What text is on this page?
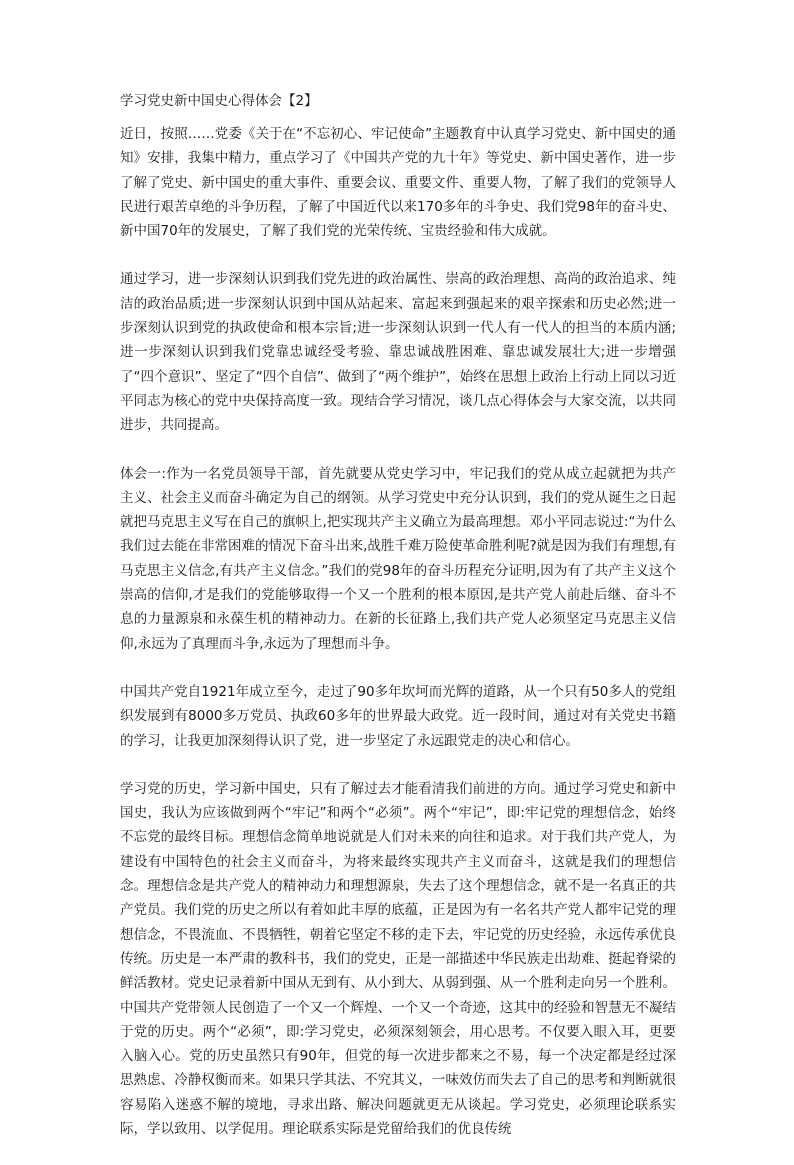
学习党史新中国史心得体会【2】

近日，按照……党委《关于在“不忘初心、牢记使命”主题教育中认真学习党史、新中国史的通知》安排，我集中精力，重点学习了《中国共产党的九十年》等党史、新中国史著作，进一步了解了党史、新中国史的重大事件、重要会议、重要文件、重要人物，了解了我们的党领导人民进行艰苦卓绝的斗争历程，了解了中国近代以来170多年的斗争史、我们党98年的奋斗史、新中国70年的发展史，了解了我们党的光荣传统、宝贵经验和伟大成就。

通过学习，进一步深刻认识到我们党先进的政治属性、崇高的政治理想、高尚的政治追求、纯洁的政治品质;进一步深刻认识到中国从站起来、富起来到强起来的艰辛探索和历史必然;进一步深刻认识到党的执政使命和根本宗旨;进一步深刻认识到一代人有一代人的担当的本质内涵;进一步深刻认识到我们党靠忠诚经受考验、靠忠诚战胜困难、靠忠诚发展壮大;进一步增强了“四个意识”、坚定了“四个自信”、做到了“两个维护”，始终在思想上政治上行动上同以习近平同志为核心的党中央保持高度一致。现结合学习情况，谈几点心得体会与大家交流，以共同进步，共同提高。

体会一:作为一名党员领导干部，首先就要从党史学习中，牢记我们的党从成立起就把为共产主义、社会主义而奋斗确定为自己的纲领。从学习党史中充分认识到，我们的党从诞生之日起就把马克思主义写在自己的旗帜上,把实现共产主义确立为最高理想。邓小平同志说过:“为什么我们过去能在非常困难的情况下奋斗出来,战胜千难万险使革命胜利呢?就是因为我们有理想,有马克思主义信念,有共产主义信念。”我们的党98年的奋斗历程充分证明,因为有了共产主义这个崇高的信仰,才是我们的党能够取得一个又一个胜利的根本原因,是共产党人前赴后继、奋斗不息的力量源泉和永葆生机的精神动力。在新的长征路上,我们共产党人必须坚定马克思主义信仰,永远为了真理而斗争,永远为了理想而斗争。

中国共产党自1921年成立至今，走过了90多年坎坷而光辉的道路，从一个只有50多人的党组织发展到有8000多万党员、执政60多年的世界最大政党。近一段时间，通过对有关党史书籍的学习，让我更加深刻得认识了党，进一步坚定了永远跟党走的决心和信心。

学习党的历史，学习新中国史，只有了解过去才能看清我们前进的方向。通过学习党史和新中国史，我认为应该做到两个“牢记”和两个“必须”。两个“牢记”，即:牢记党的理想信念，始终不忘党的最终目标。理想信念简单地说就是人们对未来的向往和追求。对于我们共产党人，为建设有中国特色的社会主义而奋斗，为将来最终实现共产主义而奋斗，这就是我们的理想信念。理想信念是共产党人的精神动力和理想源泉，失去了这个理想信念，就不是一名真正的共产党员。我们党的历史之所以有着如此丰厚的底蕴，正是因为有一名名共产党人都牢记党的理想信念，不畏流血、不畏牺牲，朝着它坚定不移的走下去，牢记党的历史经验，永远传承优良传统。历史是一本严肃的教科书，我们的党史，正是一部描述中华民族走出劫难、挺起脊梁的鲜活教材。党史记录着新中国从无到有、从小到大、从弱到强、从一个胜利走向另一个胜利。中国共产党带领人民创造了一个又一个辉煌、一个又一个奇迹，这其中的经验和智慧无不凝结于党的历史。两个“必须”，即:学习党史，必须深刻领会，用心思考。不仅要入眼入耳，更要入脑入心。党的历史虽然只有90年，但党的每一次进步都来之不易，每一个决定都是经过深思熟虑、冷静权衡而来。如果只学其法、不究其义，一味效仿而失去了自己的思考和判断就很容易陷入迷惑不解的境地，寻求出路、解决问题就更无从谈起。学习党史，必须理论联系实际，学以致用、以学促用。理论联系实际是党留给我们的优良传统
